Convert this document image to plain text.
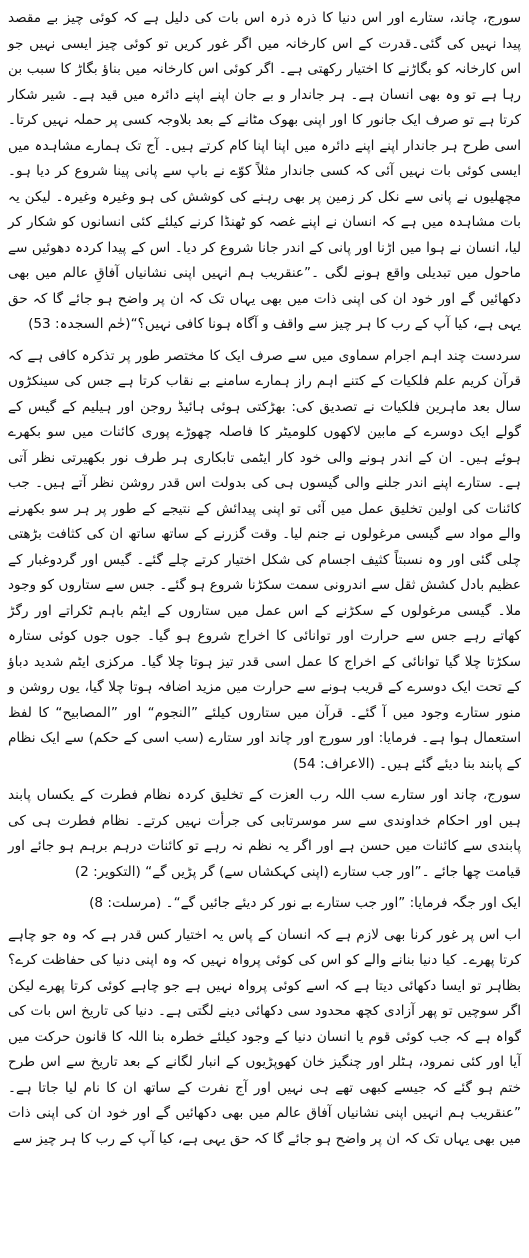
سورج، چاند، ستارے اور اس دنیا کا ذرہ ذرہ اس بات کی دلیل ہے کہ کوئی چیز بے مقصد پیدا نہیں کی گئی۔قدرت کے اس کارخانہ میں اگر غور کریں تو کوئی چیز ایسی نہیں جو اس کارخانہ کو بگاڑنے کا اختیار رکھتی ہے۔ اگر کوئی اس کارخانہ میں بناؤ بگاڑ کا سبب بن رہا ہے تو وہ بھی انسان ہے۔ ہر جاندار و بے جان اپنے اپنے دائرہ میں قید ہے۔ شیر شکار کرتا ہے تو صرف ایک جانور کا اور اپنی بھوک مٹانے کے بعد بلاوجہ کسی پر حملہ نہیں کرتا۔ اسی طرح ہر جاندار اپنے اپنے دائرہ میں اپنا اپنا کام کرتے ہیں۔ آج تک ہمارے مشاہدہ میں ایسی کوئی بات نہیں آئی کہ کسی جاندار مثلاً کوّے نے باپ سے پانی پینا شروع کر دیا ہو۔ مچھلیوں نے پانی سے نکل کر زمین پر بھی رہنے کی کوشش کی ہو وغیرہ وغیرہ۔ لیکن یہ بات مشاہدہ میں ہے کہ انسان نے اپنے غصہ کو ٹھنڈا کرنے کیلئے کئی انسانوں کو شکار کر لیا، انسان نے ہوا میں اڑنا اور پانی کے اندر جانا شروع کر دیا۔ اس کے پیدا کردہ دھوئیں سے ماحول میں تبدیلی واقع ہونے لگی ۔”عنقریب ہم انہیں اپنی نشانیاں آفاقِ عالم میں بھی دکھائیں گے اور خود ان کی اپنی ذات میں بھی یہاں تک کہ ان پر واضح ہو جائے گا کہ حق یہی ہے، کیا آپ کے رب کا ہر چیز سے واقف و آگاہ ہونا کافی نہیں؟“(حٰم السجدہ: 53)

سردست چند اہم اجرام سماوی میں سے صرف ایک کا مختصر طور پر تذکرہ کافی ہے کہ قرآن کریم علم فلکیات کے کتنے اہم راز ہمارے سامنے بے نقاب کرتا ہے جس کی سینکڑوں سال بعد ماہرین فلکیات نے تصدیق کی: بھڑکتی ہوئی ہائیڈ روجن اور ہیلیم کے گیس کے گولے ایک دوسرے کے مابین لاکھوں کلومیٹر کا فاصلہ چھوڑے پوری کائنات میں سو بکھرے ہوئے ہیں۔ ان کے اندر ہونے والی خود کار ایٹمی تابکاری ہر طرف نور بکھیرتی نظر آتی ہے۔ ستارے اپنے اندر جلنے والی گیسوں ہی کی بدولت اس قدر روشن نظر آتے ہیں۔ جب کائنات کی اولین تخلیق عمل میں آئی تو اپنی پیدائش کے نتیجے کے طور پر ہر سو بکھرنے والے مواد سے گیسی مرغولوں نے جنم لیا۔ وقت گزرنے کے ساتھ ساتھ ان کی کثافت بڑھتی چلی گئی اور وہ نسبتاً کثیف اجسام کی شکل اختیار کرتے چلے گئے۔ گیس اور گردوغبار کے عظیم بادل کشش ثقل سے اندرونی سمت سکڑنا شروع ہو گئے۔ جس سے ستاروں کو وجود ملا۔ گیسی مرغولوں کے سکڑنے کے اس عمل میں ستاروں کے ایٹم باہم ٹکراتے اور رگڑ کھاتے رہے جس سے حرارت اور توانائی کا اخراج شروع ہو گیا۔ جوں جوں کوئی ستارہ سکڑتا چلا گیا توانائی کے اخراج کا عمل اسی قدر تیز ہوتا چلا گیا۔ مرکزی ایٹم شدید دباؤ کے تحت ایک دوسرے کے قریب ہونے سے حرارت میں مزید اضافہ ہوتا چلا گیا، یوں روشن و منور ستارے وجود میں آ گئے۔ قرآن میں ستاروں کیلئے ”النجوم“ اور ”المصابیح“ کا لفظ استعمال ہوا ہے۔ فرمایا: اور سورج اور چاند اور ستارے (سب اسی کے حکم) سے ایک نظام کے پابند بنا دیئے گئے ہیں۔ (الاعراف: 54)

سورج، چاند اور ستارے سب اللہ رب العزت کے تخلیق کردہ نظام فطرت کے یکساں پابند ہیں اور احکام خداوندی سے سر موسرتابی کی جرأت نہیں کرتے۔ نظام فطرت ہی کی پابندی سے کائنات میں حسن ہے اور اگر یہ نظم نہ رہے تو کائنات درہم برہم ہو جائے اور قیامت چھا جائے ۔”اور جب ستارے (اپنی کہکشاں سے) گر پڑیں گے“ (التکویر: 2)

ایک اور جگہ فرمایا: ”اور جب ستارے بے نور کر دیئے جائیں گے“۔ (مرسلت: 8)

اب اس پر غور کرنا بھی لازم ہے کہ انسان کے پاس یہ اختیار کس قدر ہے کہ وہ جو چاہے کرتا پھرے۔ کیا دنیا بنانے والے کو اس کی کوئی پرواہ نہیں کہ وہ اپنی دنیا کی حفاظت کرے؟ بظاہر تو ایسا دکھائی دیتا ہے کہ اسے کوئی پرواہ نہیں ہے جو چاہے کوئی کرتا پھرے لیکن اگر سوچیں تو پھر آزادی کچھ محدود سی دکھائی دینے لگتی ہے۔ دنیا کی تاریخ اس بات کی گواہ ہے کہ جب کوئی قوم یا انسان دنیا کے وجود کیلئے خطرہ بنا اللہ کا قانون حرکت میں آیا اور کئی نمرود، ہٹلر اور چنگیز خان کھوپڑیوں کے انبار لگانے کے بعد تاریخ سے اس طرح ختم ہو گئے کہ جیسے کبھی تھے ہی نہیں اور آج نفرت کے ساتھ ان کا نام لیا جاتا ہے۔ ”عنقریب ہم انہیں اپنی نشانیاں آفاق عالم میں بھی دکھائیں گے اور خود ان کی اپنی ذات میں بھی یہاں تک کہ ان پر واضح ہو جائے گا کہ حق یہی ہے، کیا آپ کے رب کا ہر چیز سے
